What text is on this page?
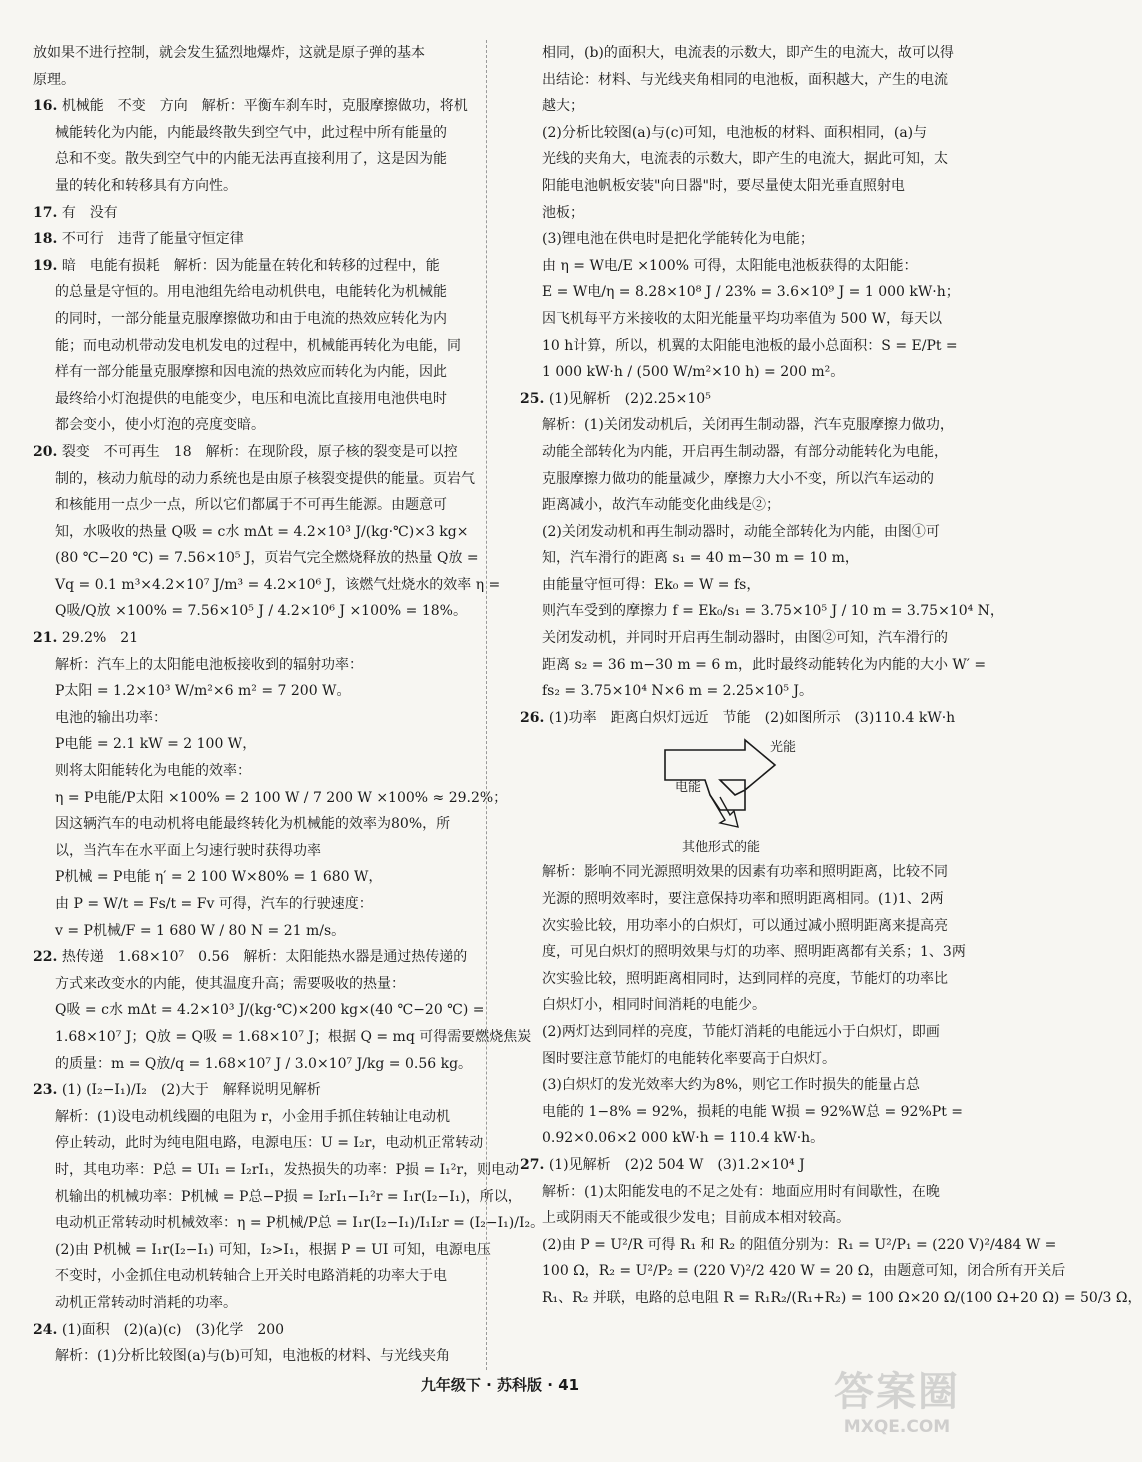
放如果不进行控制，就会发生猛烈地爆炸，这就是原子弹的基本
原理。
16. 机械能　不变　方向　解析：平衡车刹车时，克服摩擦做功，将机
械能转化为内能，内能最终散失到空气中，此过程中所有能量的
总和不变。散失到空气中的内能无法再直接利用了，这是因为能
量的转化和转移具有方向性。
17. 有　没有
18. 不可行　违背了能量守恒定律
19. 暗　电能有损耗　解析：因为能量在转化和转移的过程中，能
的总量是守恒的。用电池组先给电动机供电，电能转化为机械能
的同时，一部分能量克服摩擦做功和由于电流的热效应转化为内
能；而电动机带动发电机发电的过程中，机械能再转化为电能，同
样有一部分能量克服摩擦和因电流的热效应而转化为内能，因此
最终给小灯泡提供的电能变少，电压和电流比直接用电池供电时
都会变小，使小灯泡的亮度变暗。
20. 裂变　不可再生　18　解析：在现阶段，原子核的裂变是可以控
制的，核动力航母的动力系统也是由原子核裂变提供的能量。页岩气
和核能用一点少一点，所以它们都属于不可再生能源。由题意可
知，水吸收的热量 Q吸 = c水 mΔt = 4.2×10³ J/(kg·℃)×3 kg×
(80 ℃−20 ℃) = 7.56×10⁵ J，页岩气完全燃烧释放的热量 Q放 =
Vq = 0.1 m³×4.2×10⁷ J/m³ = 4.2×10⁶ J，该燃气灶烧水的效率 η =
Q吸/Q放 ×100% = 7.56×10⁵ J / 4.2×10⁶ J ×100% = 18%。
21. 29.2%　21
解析：汽车上的太阳能电池板接收到的辐射功率：
P太阳 = 1.2×10³ W/m²×6 m² = 7 200 W。
电池的输出功率：
P电能 = 2.1 kW = 2 100 W，
则将太阳能转化为电能的效率：
η = P电能/P太阳 ×100% = 2 100 W / 7 200 W ×100% ≈ 29.2%；
因这辆汽车的电动机将电能最终转化为机械能的效率为80%，所
以，当汽车在水平面上匀速行驶时获得功率
P机械 = P电能 η′ = 2 100 W×80% = 1 680 W，
由 P = W/t = Fs/t = Fv 可得，汽车的行驶速度：
v = P机械/F = 1 680 W / 80 N = 21 m/s。
22. 热传递　1.68×10⁷　0.56　解析：太阳能热水器是通过热传递的
方式来改变水的内能，使其温度升高；需要吸收的热量：
Q吸 = c水 mΔt = 4.2×10³ J/(kg·℃)×200 kg×(40 ℃−20 ℃) =
1.68×10⁷ J；Q放 = Q吸 = 1.68×10⁷ J；根据 Q = mq 可得需要燃烧焦炭
的质量：m = Q放/q = 1.68×10⁷ J / 3.0×10⁷ J/kg = 0.56 kg。
23. (1) (I₂−I₁)/I₂　(2)大于　解释说明见解析
解析：(1)设电动机线圈的电阻为 r，小金用手抓住转轴让电动机
停止转动，此时为纯电阻电路，电源电压：U = I₂r，电动机正常转动
时，其电功率：P总 = UI₁ = I₂rI₁，发热损失的功率：P损 = I₁²r，则电动
机输出的机械功率：P机械 = P总−P损 = I₂rI₁−I₁²r = I₁r(I₂−I₁)，所以，
电动机正常转动时机械效率：η = P机械/P总 = I₁r(I₂−I₁)/I₁I₂r = (I₂−I₁)/I₂。
(2)由 P机械 = I₁r(I₂−I₁) 可知，I₂>I₁，根据 P = UI 可知，电源电压
不变时，小金抓住电动机转轴合上开关时电路消耗的功率大于电
动机正常转动时消耗的功率。
24. (1)面积　(2)(a)(c)　(3)化学　200
解析：(1)分析比较图(a)与(b)可知，电池板的材料、与光线夹角
相同，(b)的面积大，电流表的示数大，即产生的电流大，故可以得
出结论：材料、与光线夹角相同的电池板，面积越大，产生的电流
越大；
(2)分析比较图(a)与(c)可知，电池板的材料、面积相同，(a)与
光线的夹角大，电流表的示数大，即产生的电流大，据此可知，太
阳能电池帆板安装"向日器"时，要尽量使太阳光垂直照射电
池板；
(3)锂电池在供电时是把化学能转化为电能；
由 η = W电/E ×100% 可得，太阳能电池板获得的太阳能：
E = W电/η = 8.28×10⁸ J / 23% = 3.6×10⁹ J = 1 000 kW·h；
因飞机每平方米接收的太阳光能量平均功率值为 500 W，每天以
10 h计算，所以，机翼的太阳能电池板的最小总面积：S = E/Pt =
1 000 kW·h / (500 W/m²×10 h) = 200 m²。
25. (1)见解析　(2)2.25×10⁵
解析：(1)关闭发动机后，关闭再生制动器，汽车克服摩擦力做功，
动能全部转化为内能，开启再生制动器，有部分动能转化为电能，
克服摩擦力做功的能量减少，摩擦力大小不变，所以汽车运动的
距离减小，故汽车动能变化曲线是②；
(2)关闭发动机和再生制动器时，动能全部转化为内能，由图①可
知，汽车滑行的距离 s₁ = 40 m−30 m = 10 m，
由能量守恒可得：Ek₀ = W = fs，
则汽车受到的摩擦力 f = Ek₀/s₁ = 3.75×10⁵ J / 10 m = 3.75×10⁴ N，
关闭发动机，并同时开启再生制动器时，由图②可知，汽车滑行的
距离 s₂ = 36 m−30 m = 6 m，此时最终动能转化为内能的大小 W′ =
fs₂ = 3.75×10⁴ N×6 m = 2.25×10⁵ J。
26. (1)功率　距离白炽灯远近　节能　(2)如图所示　(3)110.4 kW·h
光能
电能
其他形式的能
解析：影响不同光源照明效果的因素有功率和照明距离，比较不同
光源的照明效率时，要注意保持功率和照明距离相同。(1)1、2两
次实验比较，用功率小的白炽灯，可以通过减小照明距离来提高亮
度，可见白炽灯的照明效果与灯的功率、照明距离都有关系；1、3两
次实验比较，照明距离相同时，达到同样的亮度，节能灯的功率比
白炽灯小，相同时间消耗的电能少。
(2)两灯达到同样的亮度，节能灯消耗的电能远小于白炽灯，即画
图时要注意节能灯的电能转化率要高于白炽灯。
(3)白炽灯的发光效率大约为8%，则它工作时损失的能量占总
电能的 1−8% = 92%，损耗的电能 W损 = 92%W总 = 92%Pt =
0.92×0.06×2 000 kW·h = 110.4 kW·h。
27. (1)见解析　(2)2 504 W　(3)1.2×10⁴ J
解析：(1)太阳能发电的不足之处有：地面应用时有间歇性，在晚
上或阴雨天不能或很少发电；目前成本相对较高。
(2)由 P = U²/R 可得 R₁ 和 R₂ 的阻值分别为：R₁ = U²/P₁ = (220 V)²/484 W =
100 Ω，R₂ = U²/P₂ = (220 V)²/2 420 W = 20 Ω，由题意可知，闭合所有开关后
R₁、R₂ 并联，电路的总电阻 R = R₁R₂/(R₁+R₂) = 100 Ω×20 Ω/(100 Ω+20 Ω) = 50/3 Ω，
九年级下 · 苏科版 · 41	答案圈
MXQE.COM
